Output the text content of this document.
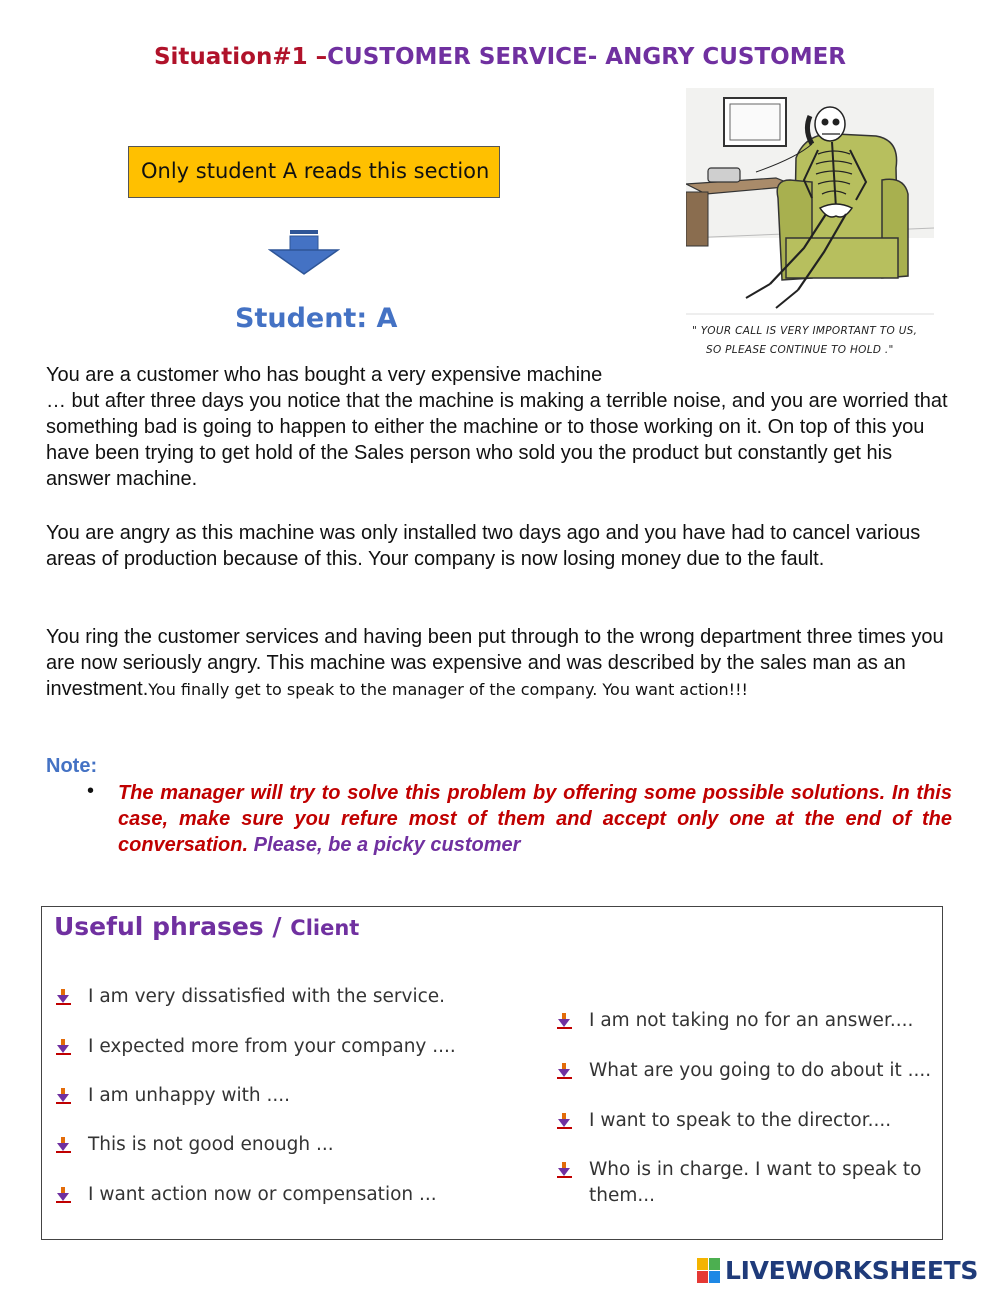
Situation#1 –CUSTOMER SERVICE- ANGRY CUSTOMER
Only student A reads this section
Student: A	" YOUR CALL IS VERY IMPORTANT TO US,
SO PLEASE CONTINUE TO HOLD ."
You are a customer who has bought a very expensive machine
… but after three days you notice that the machine is making a terrible noise, and you are worried that something bad is going to happen to either the machine or to those working on it. On top of this you have been trying to get hold of the Sales person who sold you the product but constantly get his answer machine.
You are angry as this machine was only installed two days ago and you have had to cancel various areas of production because of this. Your company is now losing money due to the fault.
You ring the customer services and having been put through to the wrong department three times you are now seriously angry. This machine was expensive and was described by the sales man as an investment.You finally get to speak to the manager of the company. You want action!!!
Note:
• The manager will try to solve this problem by offering some possible solutions. In this case, make sure you refure most of them and accept only one at the end of the conversation. Please, be a picky customer
Useful phrases / Client
I am very dissatisfied with the service.
I expected more from your company ....
I am unhappy with ....
This is not good enough ...
I want action now or compensation ...
I am not taking no for an answer....
What are you going to do about it ....
I want to speak to the director....
Who is in charge. I want to speak to them...
LIVEWORKSHEETS
